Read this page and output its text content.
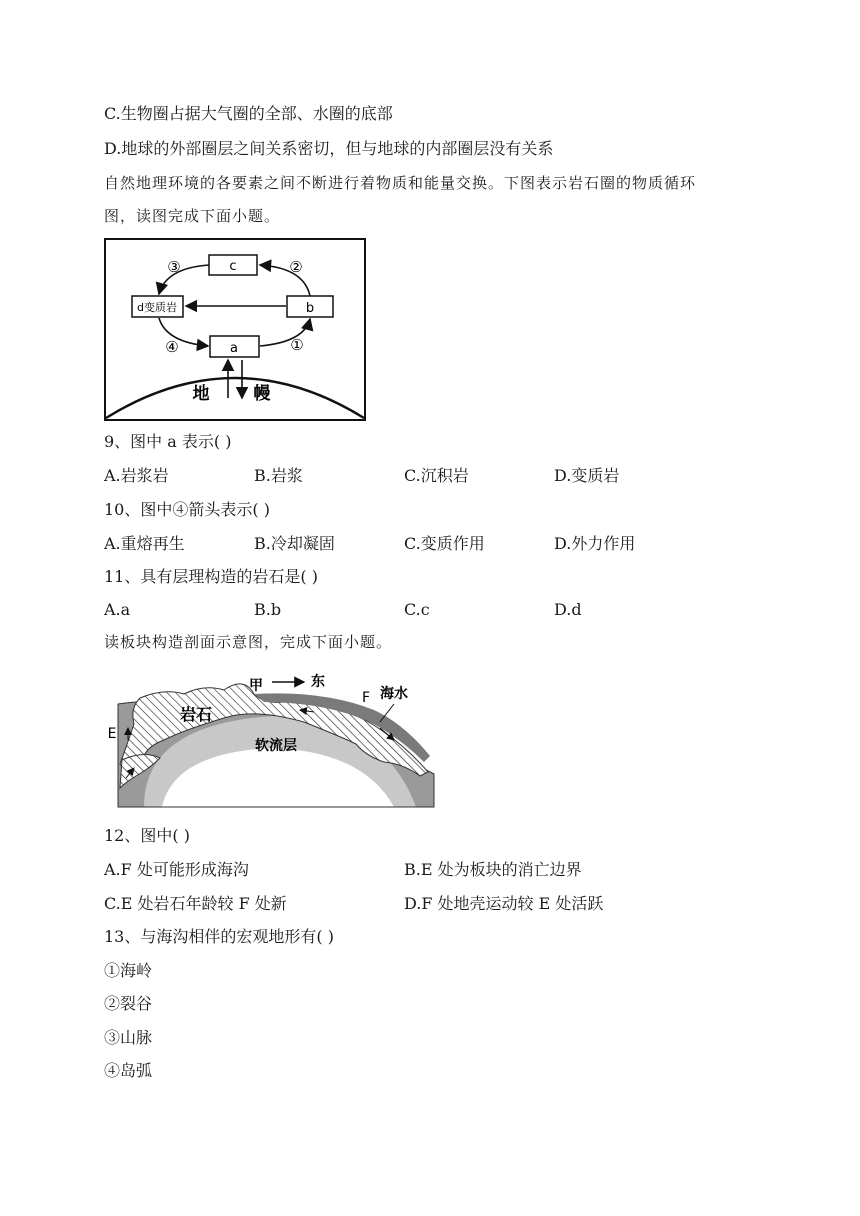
C.生物圈占据大气圈的全部、水圈的底部
D.地球的外部圈层之间关系密切，但与地球的内部圈层没有关系
自然地理环境的各要素之间不断进行着物质和能量交换。下图表示岩石圈的物质循环
图，读图完成下面小题。
c
b
a
d变质岩
③	②
④	①
地	幔
9、图中 a 表示( )
A.岩浆岩	B.岩浆	C.沉积岩	D.变质岩
10、图中④箭头表示( )
A.重熔再生	B.冷却凝固	C.变质作用	D.外力作用
11、具有层理构造的岩石是( )
A.a	B.b	C.c	D.d
读板块构造剖面示意图，完成下面小题。
甲	东
海水
F
岩石
软流层
E
12、图中( )
A.F 处可能形成海沟	B.E 处为板块的消亡边界
C.E 处岩石年龄较 F 处新	D.F 处地壳运动较 E 处活跃
13、与海沟相伴的宏观地形有( )
①海岭
②裂谷
③山脉
④岛弧
